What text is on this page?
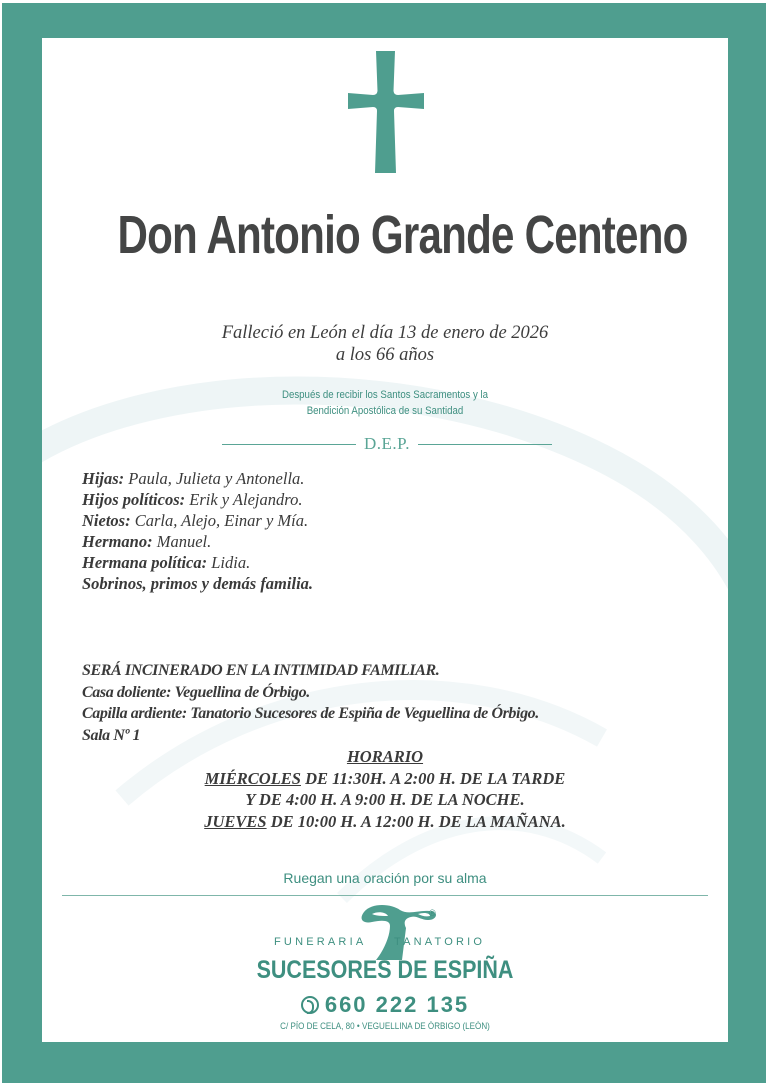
Don Antonio Grande Centeno
Falleció en León el día 13 de enero de 2026
a los 66 años
Después de recibir los Santos Sacramentos y la
Bendición Apostólica de su Santidad
D.E.P.
Hijas: Paula, Julieta y Antonella.
Hijos políticos: Erik y Alejandro.
Nietos: Carla, Alejo, Einar y Mía.
Hermano: Manuel.
Hermana política: Lidia.
Sobrinos, primos y demás familia.
SERÁ INCINERADO EN LA INTIMIDAD FAMILIAR.
Casa doliente: Veguellina de Órbigo.
Capilla ardiente: Tanatorio Sucesores de Espiña de Veguellina de Órbigo.
Sala Nº 1
HORARIO
MIÉRCOLES DE 11:30H. A 2:00 H. DE LA TARDE
Y DE 4:00 H. A 9:00 H. DE LA NOCHE.
JUEVES DE 10:00 H. A 12:00 H. DE LA MAÑANA.
Ruegan una oración por su alma
®
FUNERARIA	TANATORIO
SUCESORES DE ESPIÑA
660 222 135
C/ PÍO DE CELA, 80 • VEGUELLINA DE ÓRBIGO (LEÓN)
